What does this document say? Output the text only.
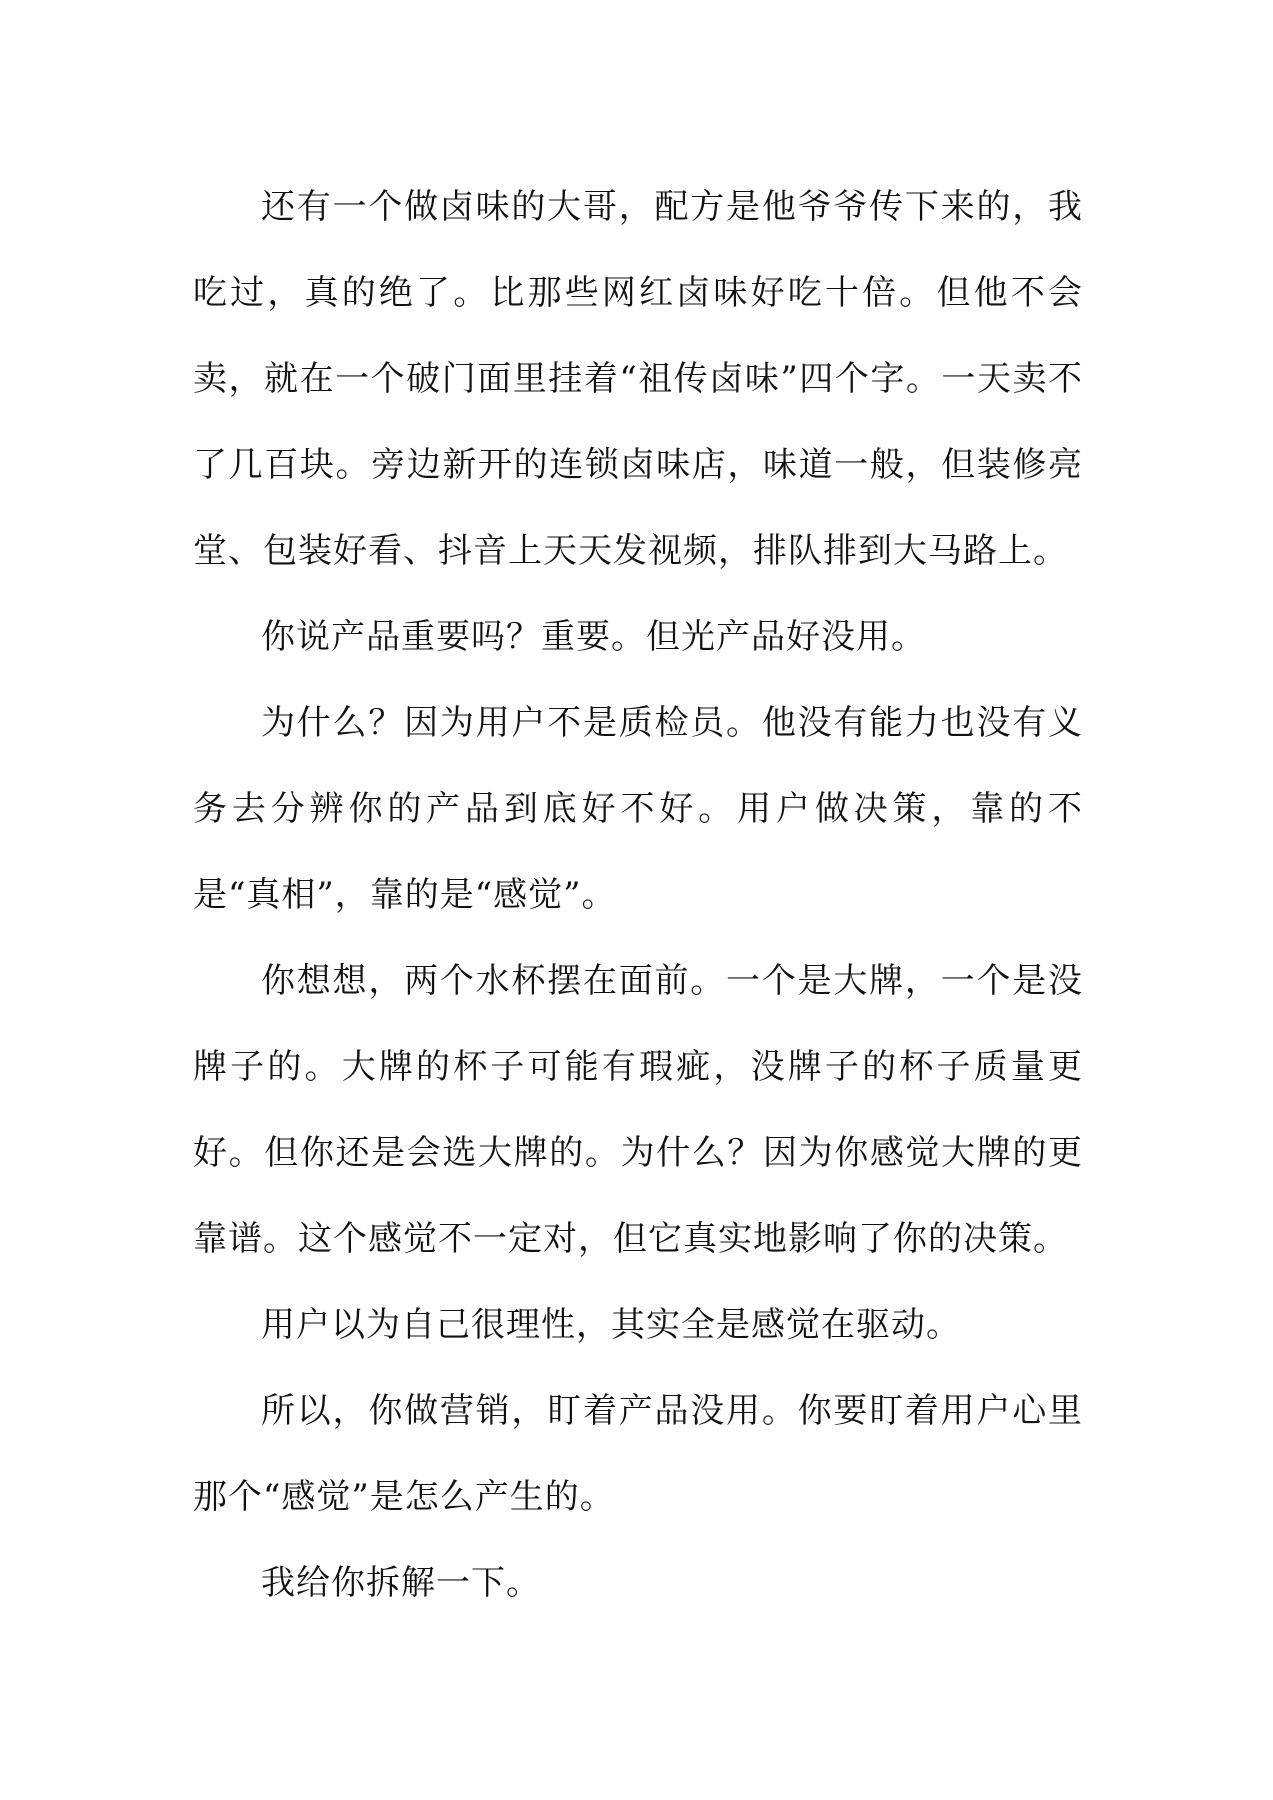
还有一个做卤味的大哥，配方是他爷爷传下来的，我吃过，真的绝了。比那些网红卤味好吃十倍。但他不会卖，就在一个破门面里挂着“祖传卤味”四个字。一天卖不了几百块。旁边新开的连锁卤味店，味道一般，但装修亮堂、包装好看、抖音上天天发视频，排队排到大马路上。

你说产品重要吗？重要。但光产品好没用。

为什么？因为用户不是质检员。他没有能力也没有义务去分辨你的产品到底好不好。用户做决策，靠的不是“真相”，靠的是“感觉”。

你想想，两个水杯摆在面前。一个是大牌，一个是没牌子的。大牌的杯子可能有瑕疵，没牌子的杯子质量更好。但你还是会选大牌的。为什么？因为你感觉大牌的更靠谱。这个感觉不一定对，但它真实地影响了你的决策。

用户以为自己很理性，其实全是感觉在驱动。

所以，你做营销，盯着产品没用。你要盯着用户心里那个“感觉”是怎么产生的。

我给你拆解一下。
